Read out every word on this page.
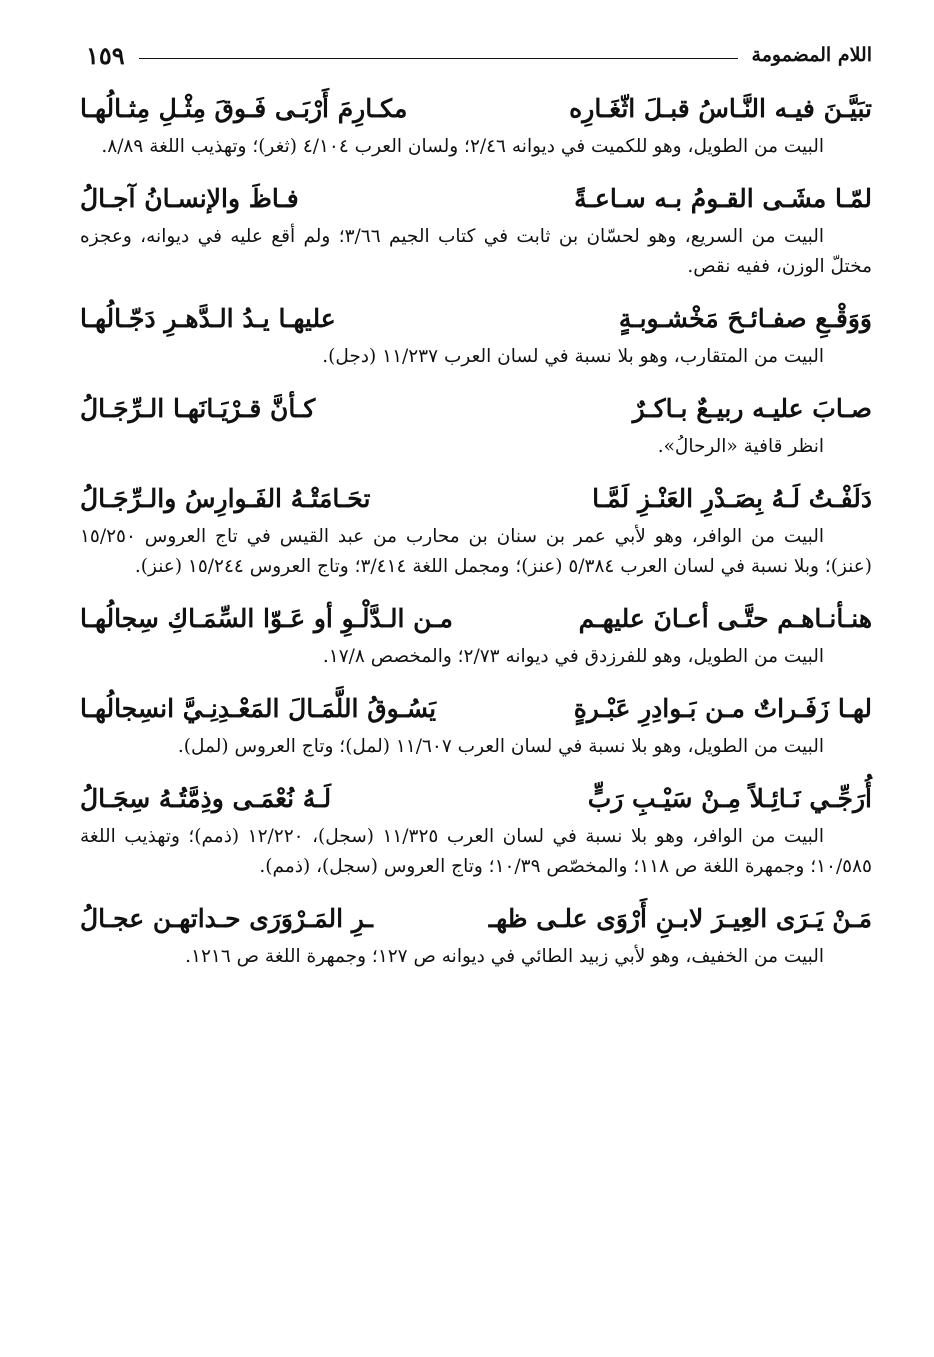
اللام المضمومة
١٥٩
تبَيَّـنَ فيـه النَّـاسُ قبـلَ اثّغَـارِه
مكـارِمَ أَرْبَـى فَـوقَ مِثْـلِ مِثـالُهـا

البيت من الطويل، وهو للكميت في ديوانه ٢/٤٦؛ ولسان العرب ٤/١٠٤ (ثغر)؛ وتهذيب اللغة ٨/٨٩.

لمّـا مشَـى القـومُ بـه سـاعـةً
فـاظَ والإنسـانُ آجـالُ

البيت من السريع، وهو لحسّان بن ثابت في كتاب الجيم ٣/٦٦؛ ولم أقع عليه في ديوانه، وعجزه مختلّ الوزن، ففيه نقص.

وَوَقْـعِ صفـائـحَ مَخْشـوبـةٍ
عليهـا يـدُ الـدَّهـرِ دَجّـالُهـا

البيت من المتقارب، وهو بلا نسبة في لسان العرب ١١/٢٣٧ (دجل).

صـابَ عليـه ربيـعٌ بـاكـرٌ
كـأنَّ قـرْيَـانَهـا الـرِّجَـالُ

انظر قافية «الرحالُ».

دَلَفْـتُ لَـهُ بِصَـدْرِ العَنْـزِ لَمَّـا
تحَـامَتْـهُ الفَـوارِسُ والـرِّجَـالُ

البيت من الوافر، وهو لأبي عمر بن سنان بن محارب من عبد القيس في تاج العروس ١٥/٢٥٠ (عنز)؛ وبلا نسبة في لسان العرب ٥/٣٨٤ (عنز)؛ ومجمل اللغة ٣/٤١٤؛ وتاج العروس ١٥/٢٤٤ (عنز).

هنـأنـاهـم حتَّـى أعـانَ عليهـم
مـن الـدَّلْـوِ أو عَـوّا السِّمَـاكِ سِجالُهـا

البيت من الطويل، وهو للفرزدق في ديوانه ٢/٧٣؛ والمخصص ١٧/٨.

لهـا زَفَـراتٌ مـن بَـوادِرِ عَبْـرةٍ
يَسُـوقُ اللَّمَـالَ المَعْـدِنِـيَّ انسِجالُهـا

البيت من الطويل، وهو بلا نسبة في لسان العرب ١١/٦٠٧ (لمل)؛ وتاج العروس (لمل).

أُرَجِّـي نَـائِـلاً مِـنْ سَيْـبِ رَبٍّ
لَـهُ نُعْمَـى وذِمَّتُـهُ سِجَـالُ

البيت من الوافر، وهو بلا نسبة في لسان العرب ١١/٣٢٥ (سجل)، ١٢/٢٢٠ (ذمم)؛ وتهذيب اللغة ١٠/٥٨٥؛ وجمهرة اللغة ص ١١٨؛ والمخصّص ١٠/٣٩؛ وتاج العروس (سجل)، (ذمم).

مَـنْ يَـرَى العِيـرَ لابـنِ أَرْوَى علـى ظهـ
ـرِ المَـرْوَرَى حـداتهـن عجـالُ

البيت من الخفيف، وهو لأبي زبيد الطائي في ديوانه ص ١٢٧؛ وجمهرة اللغة ص ١٢١٦.
